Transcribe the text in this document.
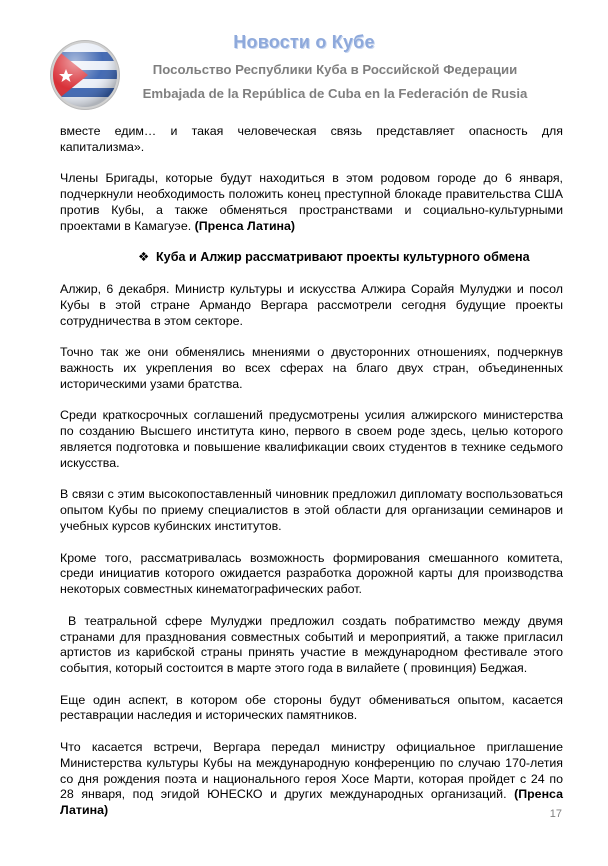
Новости о Кубе
Посольство Республики Куба в Российской Федерации
Embajada de la República de Cuba en la Federación de Rusia

вместе едим… и такая человеческая связь представляет опасность для капитализма».

Члены Бригады, которые будут находиться в этом родовом городе до 6 января, подчеркнули необходимость положить конец преступной блокаде правительства США против Кубы, а также обменяться пространствами и социально-культурными проектами в Камагуэе. (Пренса Латина)

❖ Куба и Алжир рассматривают проекты культурного обмена

Алжир, 6 декабря. Министр культуры и искусства Алжира Сорайя Мулуджи и посол Кубы в этой стране Армандо Вергара рассмотрели сегодня будущие проекты сотрудничества в этом секторе.

Точно так же они обменялись мнениями о двусторонних отношениях, подчеркнув важность их укрепления во всех сферах на благо двух стран, объединенных историческими узами братства.

Среди краткосрочных соглашений предусмотрены усилия алжирского министерства по созданию Высшего института кино, первого в своем роде здесь, целью которого является подготовка и повышение квалификации своих студентов в технике седьмого искусства.

В связи с этим высокопоставленный чиновник предложил дипломату воспользоваться опытом Кубы по приему специалистов в этой области для организации семинаров и учебных курсов кубинских институтов.

Кроме того, рассматривалась возможность формирования смешанного комитета, среди инициатив которого ожидается разработка дорожной карты для производства некоторых совместных кинематографических работ.

В театральной сфере Мулуджи предложил создать побратимство между двумя странами для празднования совместных событий и мероприятий, а также пригласил артистов из карибской страны принять участие в международном фестивале этого события, который состоится в марте этого года в вилайете ( провинция) Беджая.

Еще один аспект, в котором обе стороны будут обмениваться опытом, касается реставрации наследия и исторических памятников.

Что касается встречи, Вергара передал министру официальное приглашение Министерства культуры Кубы на международную конференцию по случаю 170-летия со дня рождения поэта и национального героя Хосе Марти, которая пройдет с 24 по 28 января, под эгидой ЮНЕСКО и других международных организаций. (Пренса Латина)	17
